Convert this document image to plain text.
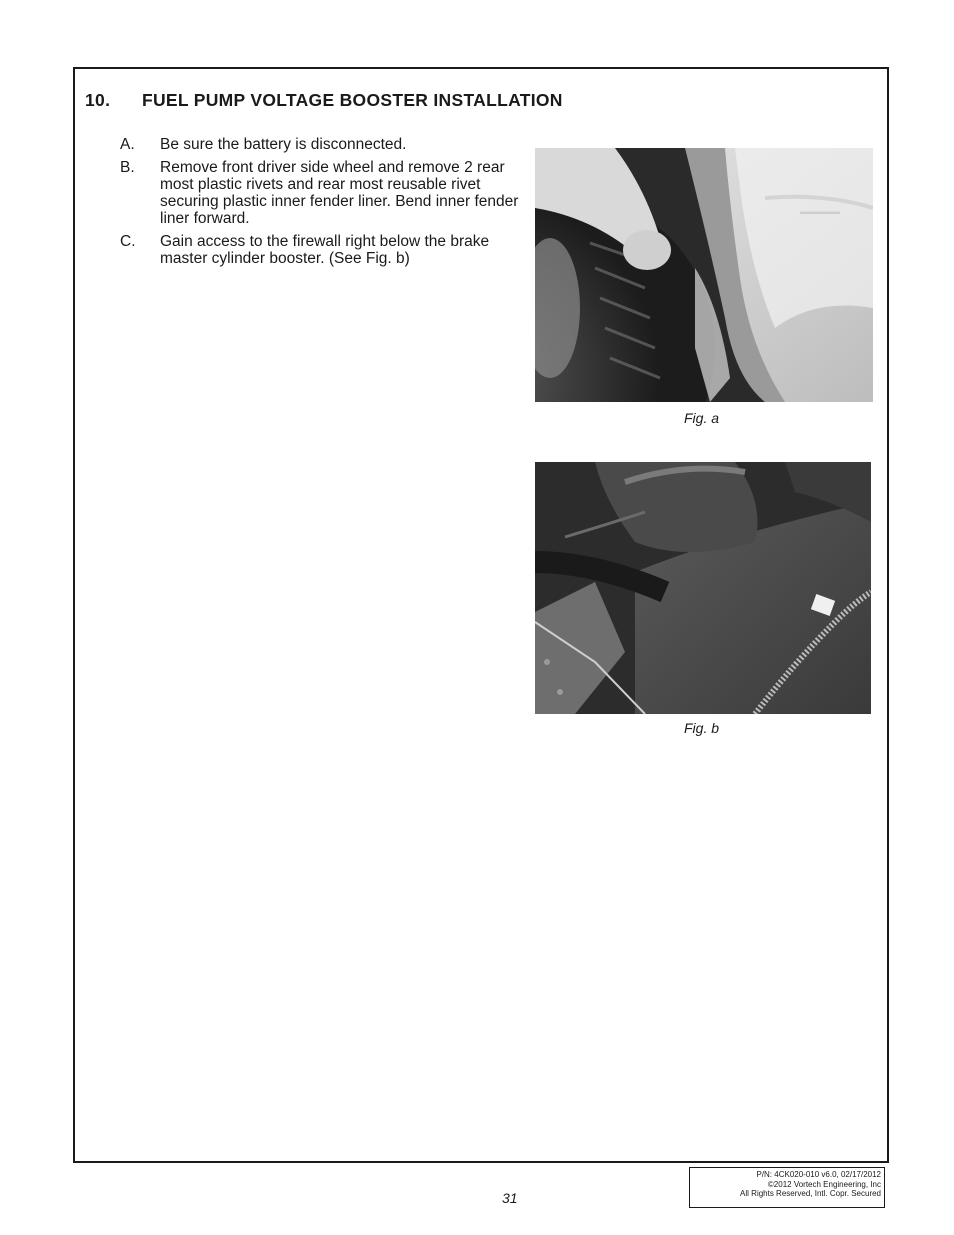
10. FUEL PUMP VOLTAGE BOOSTER INSTALLATION
A.	Be sure the battery is disconnected.
B.	Remove front driver side wheel and remove 2 rear most plastic rivets and rear most reusable rivet securing plastic inner fender liner. Bend inner fender liner forward.
C.	Gain access to the firewall right below the brake master cylinder booster. (See Fig. b)
Fig. a
Fig. b
31
P/N: 4CK020-010 v6.0, 02/17/2012
©2012 Vortech Engineering, Inc
All Rights Reserved, Intl. Copr. Secured
